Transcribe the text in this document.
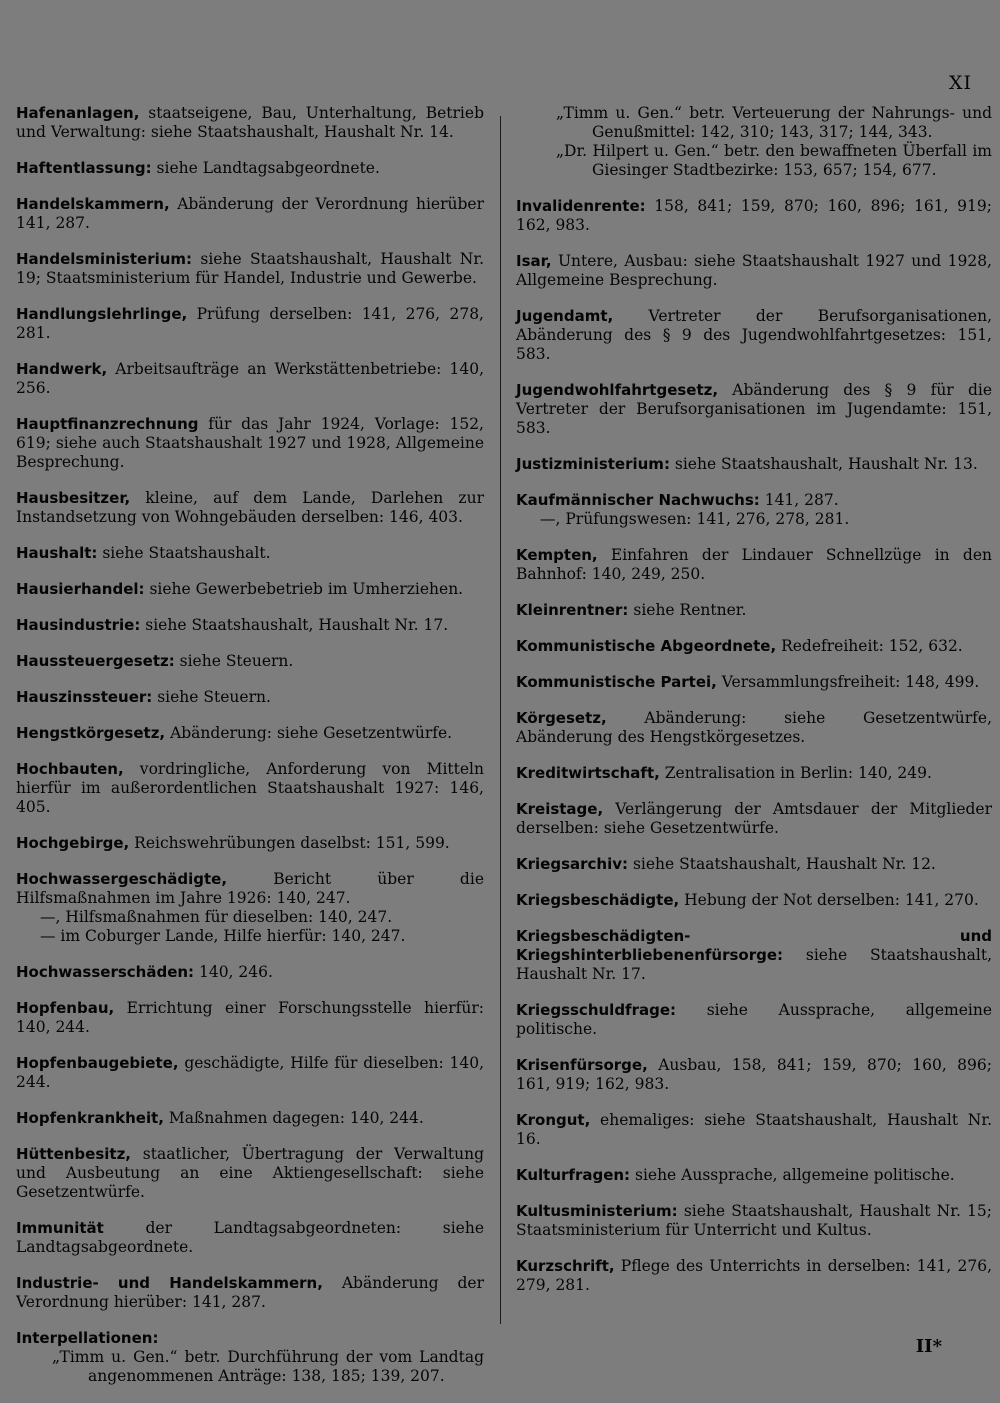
XI
Hafenanlagen, staatseigene, Bau, Unterhaltung, Betrieb und Verwaltung: siehe Staatshaushalt, Haushalt Nr. 14.
Haftentlassung: siehe Landtagsabgeordnete.
Handelskammern, Abänderung der Verordnung hierüber 141, 287.
Handelsministerium: siehe Staatshaushalt, Haushalt Nr. 19; Staatsministerium für Handel, Industrie und Gewerbe.
Handlungslehrlinge, Prüfung derselben: 141, 276, 278, 281.
Handwerk, Arbeitsaufträge an Werkstättenbetriebe: 140, 256.
Hauptfinanzrechnung für das Jahr 1924, Vorlage: 152, 619; siehe auch Staatshaushalt 1927 und 1928, Allgemeine Besprechung.
Hausbesitzer, kleine, auf dem Lande, Darlehen zur Instandsetzung von Wohngebäuden derselben: 146, 403.
Haushalt: siehe Staatshaushalt.
Hausierhandel: siehe Gewerbebetrieb im Umherziehen.
Hausindustrie: siehe Staatshaushalt, Haushalt Nr. 17.
Haussteuergesetz: siehe Steuern.
Hauszinssteuer: siehe Steuern.
Hengstkörgesetz, Abänderung: siehe Gesetzentwürfe.
Hochbauten, vordringliche, Anforderung von Mitteln hierfür im außerordentlichen Staatshaushalt 1927: 146, 405.
Hochgebirge, Reichswehrübungen daselbst: 151, 599.
Hochwassergeschädigte, Bericht über die Hilfsmaßnahmen im Jahre 1926: 140, 247.
—, Hilfsmaßnahmen für dieselben: 140, 247.
— im Coburger Lande, Hilfe hierfür: 140, 247.
Hochwasserschäden: 140, 246.
Hopfenbau, Errichtung einer Forschungsstelle hierfür: 140, 244.
Hopfenbaugebiete, geschädigte, Hilfe für dieselben: 140, 244.
Hopfenkrankheit, Maßnahmen dagegen: 140, 244.
Hüttenbesitz, staatlicher, Übertragung der Verwaltung und Ausbeutung an eine Aktiengesellschaft: siehe Gesetzentwürfe.
Immunität der Landtagsabgeordneten: siehe Landtagsabgeordnete.
Industrie- und Handelskammern, Abänderung der Verordnung hierüber: 141, 287.
Interpellationen:
„Timm u. Gen.“ betr. Durchführung der vom Landtag angenommenen Anträge: 138, 185; 139, 207.
„Timm u. Gen.“ betr. Verteuerung der Nahrungs- und Genußmittel: 142, 310; 143, 317; 144, 343.
„Dr. Hilpert u. Gen.“ betr. den bewaffneten Überfall im Giesinger Stadtbezirke: 153, 657; 154, 677.
Invalidenrente: 158, 841; 159, 870; 160, 896; 161, 919; 162, 983.
Isar, Untere, Ausbau: siehe Staatshaushalt 1927 und 1928, Allgemeine Besprechung.
Jugendamt, Vertreter der Berufsorganisationen, Abänderung des § 9 des Jugendwohlfahrtgesetzes: 151, 583.
Jugendwohlfahrtgesetz, Abänderung des § 9 für die Vertreter der Berufsorganisationen im Jugendamte: 151, 583.
Justizministerium: siehe Staatshaushalt, Haushalt Nr. 13.
Kaufmännischer Nachwuchs: 141, 287.
—, Prüfungswesen: 141, 276, 278, 281.
Kempten, Einfahren der Lindauer Schnellzüge in den Bahnhof: 140, 249, 250.
Kleinrentner: siehe Rentner.
Kommunistische Abgeordnete, Redefreiheit: 152, 632.
Kommunistische Partei, Versammlungsfreiheit: 148, 499.
Körgesetz, Abänderung: siehe Gesetzentwürfe, Abänderung des Hengstkörgesetzes.
Kreditwirtschaft, Zentralisation in Berlin: 140, 249.
Kreistage, Verlängerung der Amtsdauer der Mitglieder derselben: siehe Gesetzentwürfe.
Kriegsarchiv: siehe Staatshaushalt, Haushalt Nr. 12.
Kriegsbeschädigte, Hebung der Not derselben: 141, 270.
Kriegsbeschädigten- und Kriegshinterbliebenenfürsorge: siehe Staatshaushalt, Haushalt Nr. 17.
Kriegsschuldfrage: siehe Aussprache, allgemeine politische.
Krisenfürsorge, Ausbau, 158, 841; 159, 870; 160, 896; 161, 919; 162, 983.
Krongut, ehemaliges: siehe Staatshaushalt, Haushalt Nr. 16.
Kulturfragen: siehe Aussprache, allgemeine politische.
Kultusministerium: siehe Staatshaushalt, Haushalt Nr. 15; Staatsministerium für Unterricht und Kultus.
Kurzschrift, Pflege des Unterrichts in derselben: 141, 276, 279, 281.
II*
